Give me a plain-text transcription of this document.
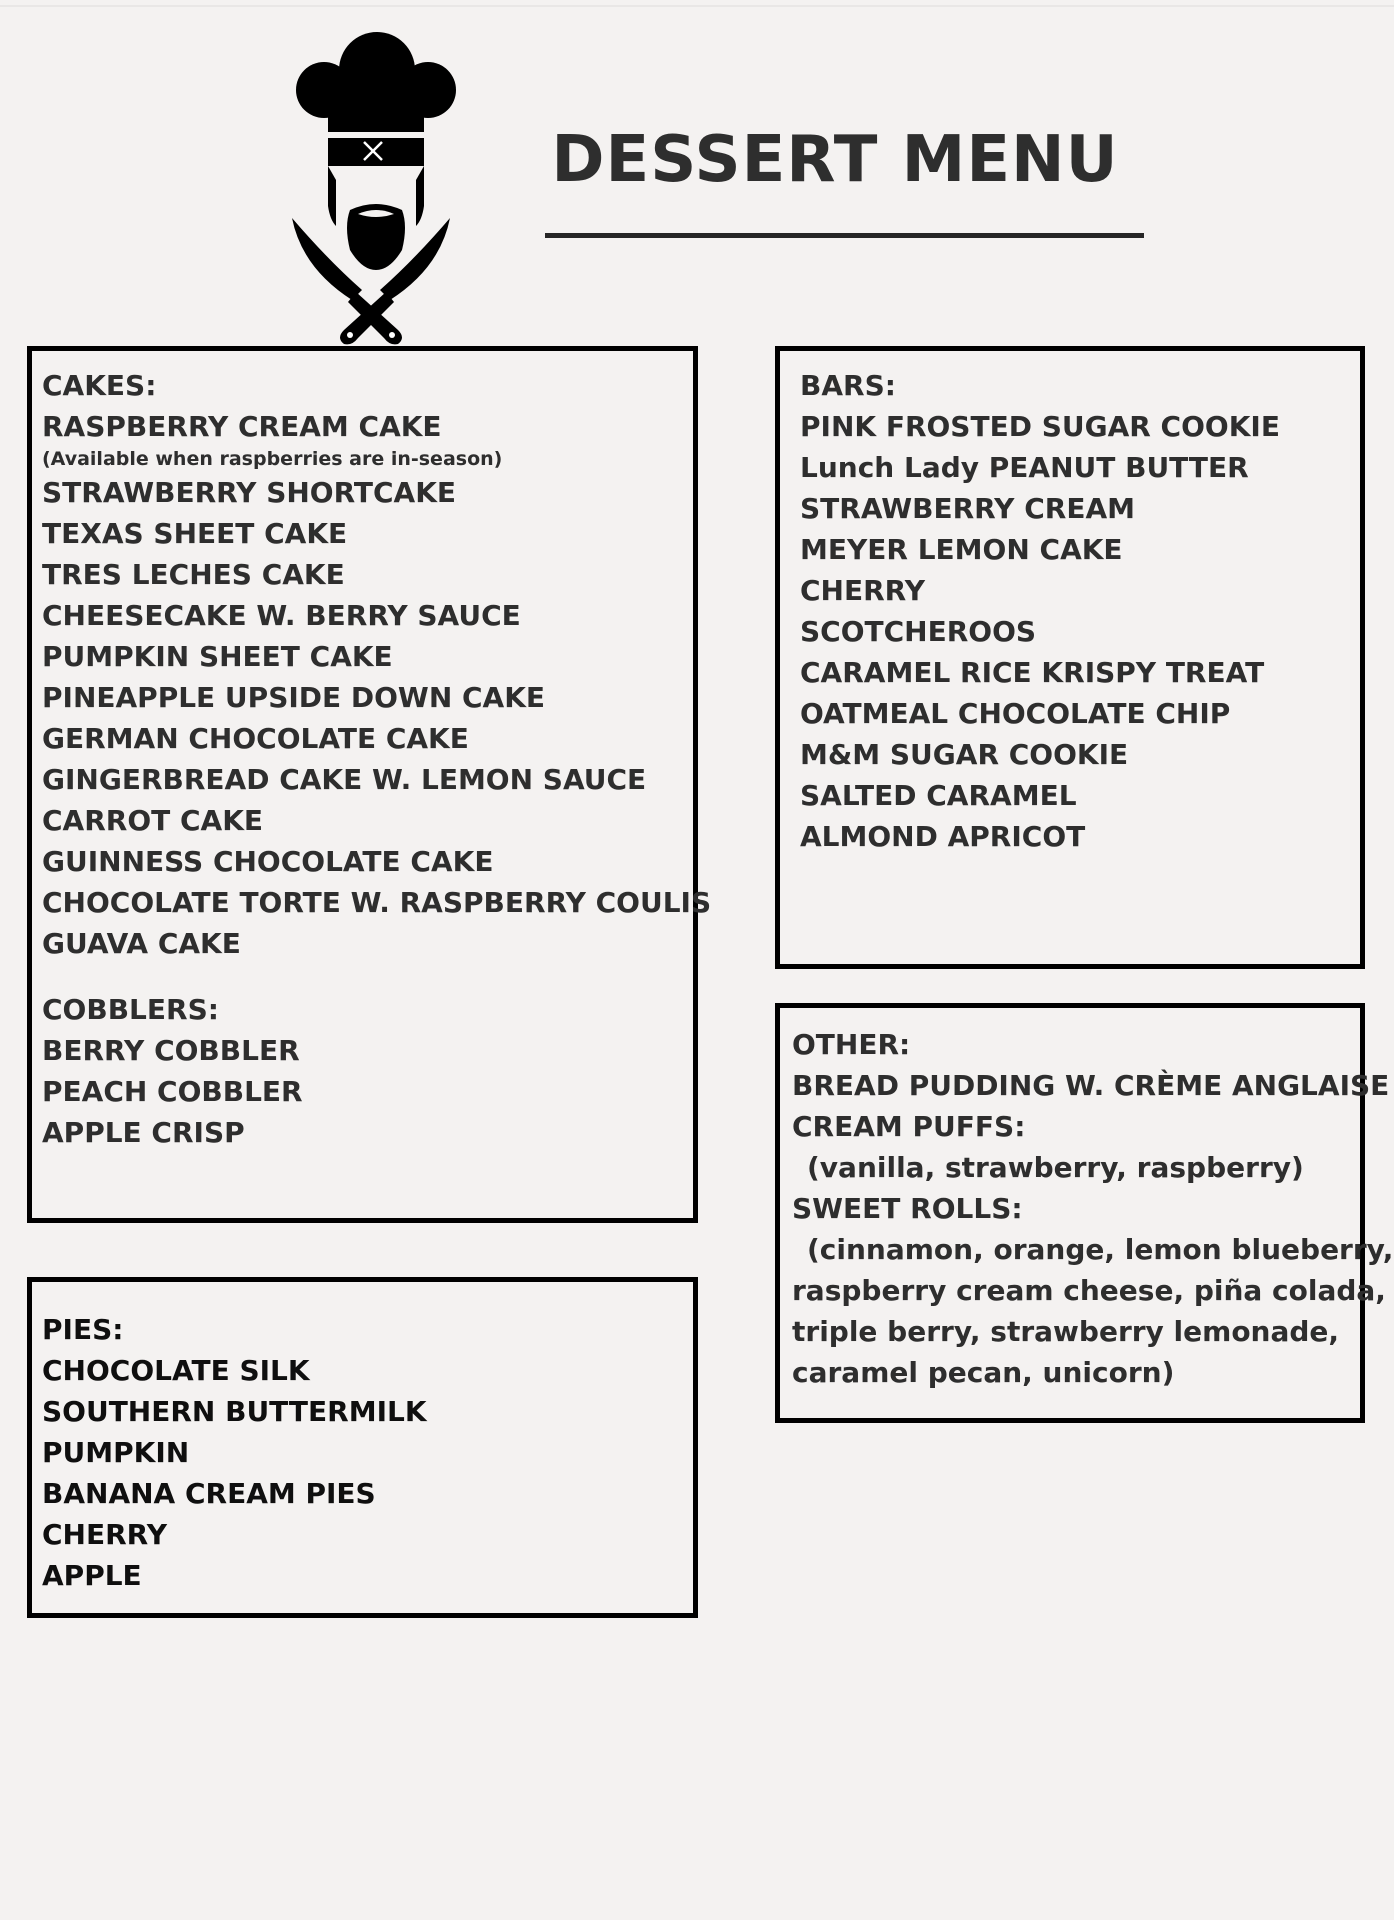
DESSERT MENU
CAKES:
RASPBERRY CREAM CAKE
(Available when raspberries are in-season)
STRAWBERRY SHORTCAKE
TEXAS SHEET CAKE
TRES LECHES CAKE
CHEESECAKE W. BERRY SAUCE
PUMPKIN SHEET CAKE
PINEAPPLE UPSIDE DOWN CAKE
GERMAN CHOCOLATE CAKE
GINGERBREAD CAKE W. LEMON SAUCE
CARROT CAKE
GUINNESS CHOCOLATE CAKE
CHOCOLATE TORTE W. RASPBERRY COULIS
GUAVA CAKE
COBBLERS:
BERRY COBBLER
PEACH COBBLER
APPLE CRISP
PIES:
CHOCOLATE SILK
SOUTHERN BUTTERMILK
PUMPKIN
BANANA CREAM PIES
CHERRY
APPLE
BARS:
PINK FROSTED SUGAR COOKIE
Lunch Lady PEANUT BUTTER
STRAWBERRY CREAM
MEYER LEMON CAKE
CHERRY
SCOTCHEROOS
CARAMEL RICE KRISPY TREAT
OATMEAL CHOCOLATE CHIP
M&M SUGAR COOKIE
SALTED CARAMEL
ALMOND APRICOT
OTHER:
BREAD PUDDING W. CRÈME ANGLAISE
CREAM PUFFS:
(vanilla, strawberry, raspberry)
SWEET ROLLS:
(cinnamon, orange, lemon blueberry,
raspberry cream cheese, piña colada,
triple berry, strawberry lemonade,
caramel pecan, unicorn)
